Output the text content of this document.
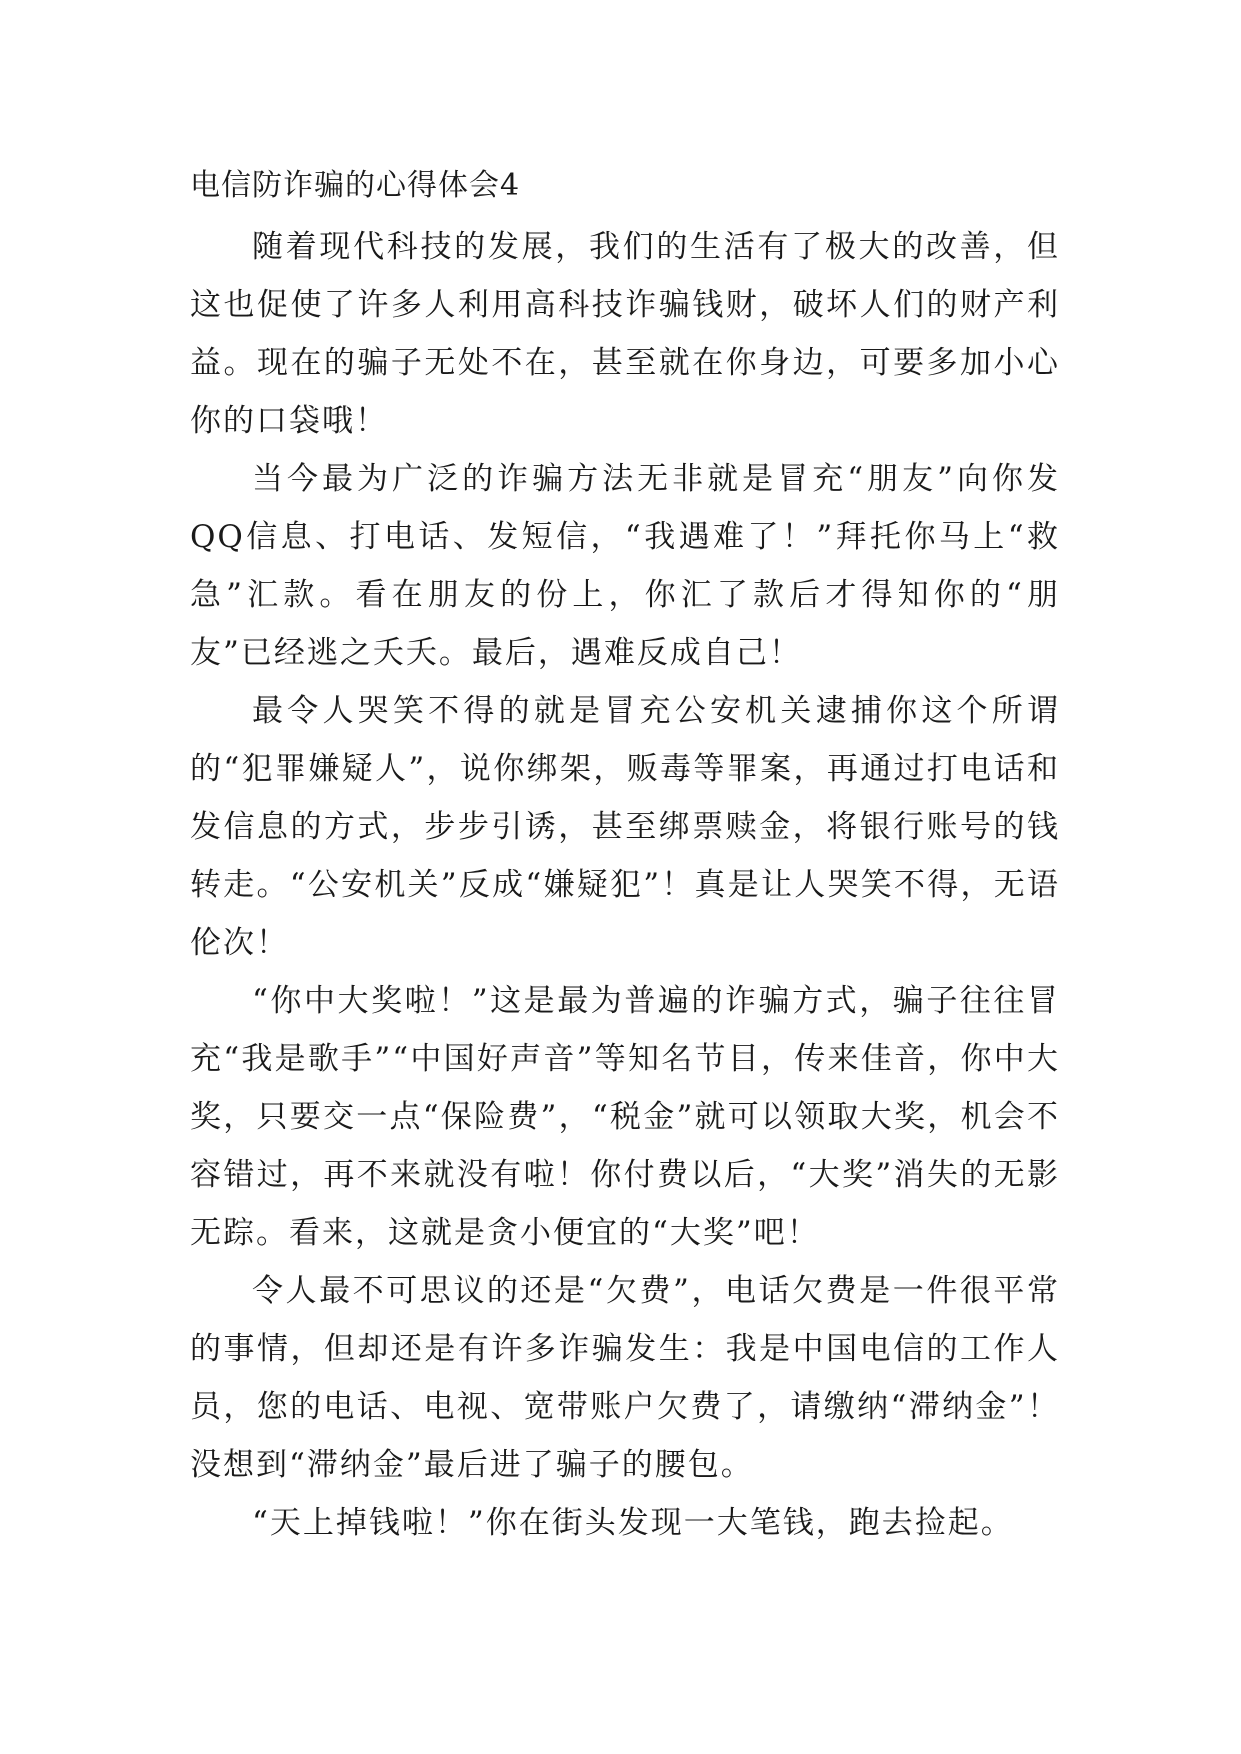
电信防诈骗的心得体会4

随着现代科技的发展，我们的生活有了极大的改善，但这也促使了许多人利用高科技诈骗钱财，破坏人们的财产利益。现在的骗子无处不在，甚至就在你身边，可要多加小心你的口袋哦！

当今最为广泛的诈骗方法无非就是冒充“朋友”向你发QQ信息、打电话、发短信，“我遇难了！”拜托你马上“救急”汇款。看在朋友的份上，你汇了款后才得知你的“朋友”已经逃之夭夭。最后，遇难反成自己！

最令人哭笑不得的就是冒充公安机关逮捕你这个所谓的“犯罪嫌疑人”，说你绑架，贩毒等罪案，再通过打电话和发信息的方式，步步引诱，甚至绑票赎金，将银行账号的钱转走。“公安机关”反成“嫌疑犯”！真是让人哭笑不得，无语伦次！

“你中大奖啦！”这是最为普遍的诈骗方式，骗子往往冒充“我是歌手”“中国好声音”等知名节目，传来佳音，你中大奖，只要交一点“保险费”，“税金”就可以领取大奖，机会不容错过，再不来就没有啦！你付费以后，“大奖”消失的无影无踪。看来，这就是贪小便宜的“大奖”吧！

令人最不可思议的还是“欠费”，电话欠费是一件很平常的事情，但却还是有许多诈骗发生：我是中国电信的工作人员，您的电话、电视、宽带账户欠费了，请缴纳“滞纳金”！没想到“滞纳金”最后进了骗子的腰包。

“天上掉钱啦！”你在街头发现一大笔钱，跑去捡起。
